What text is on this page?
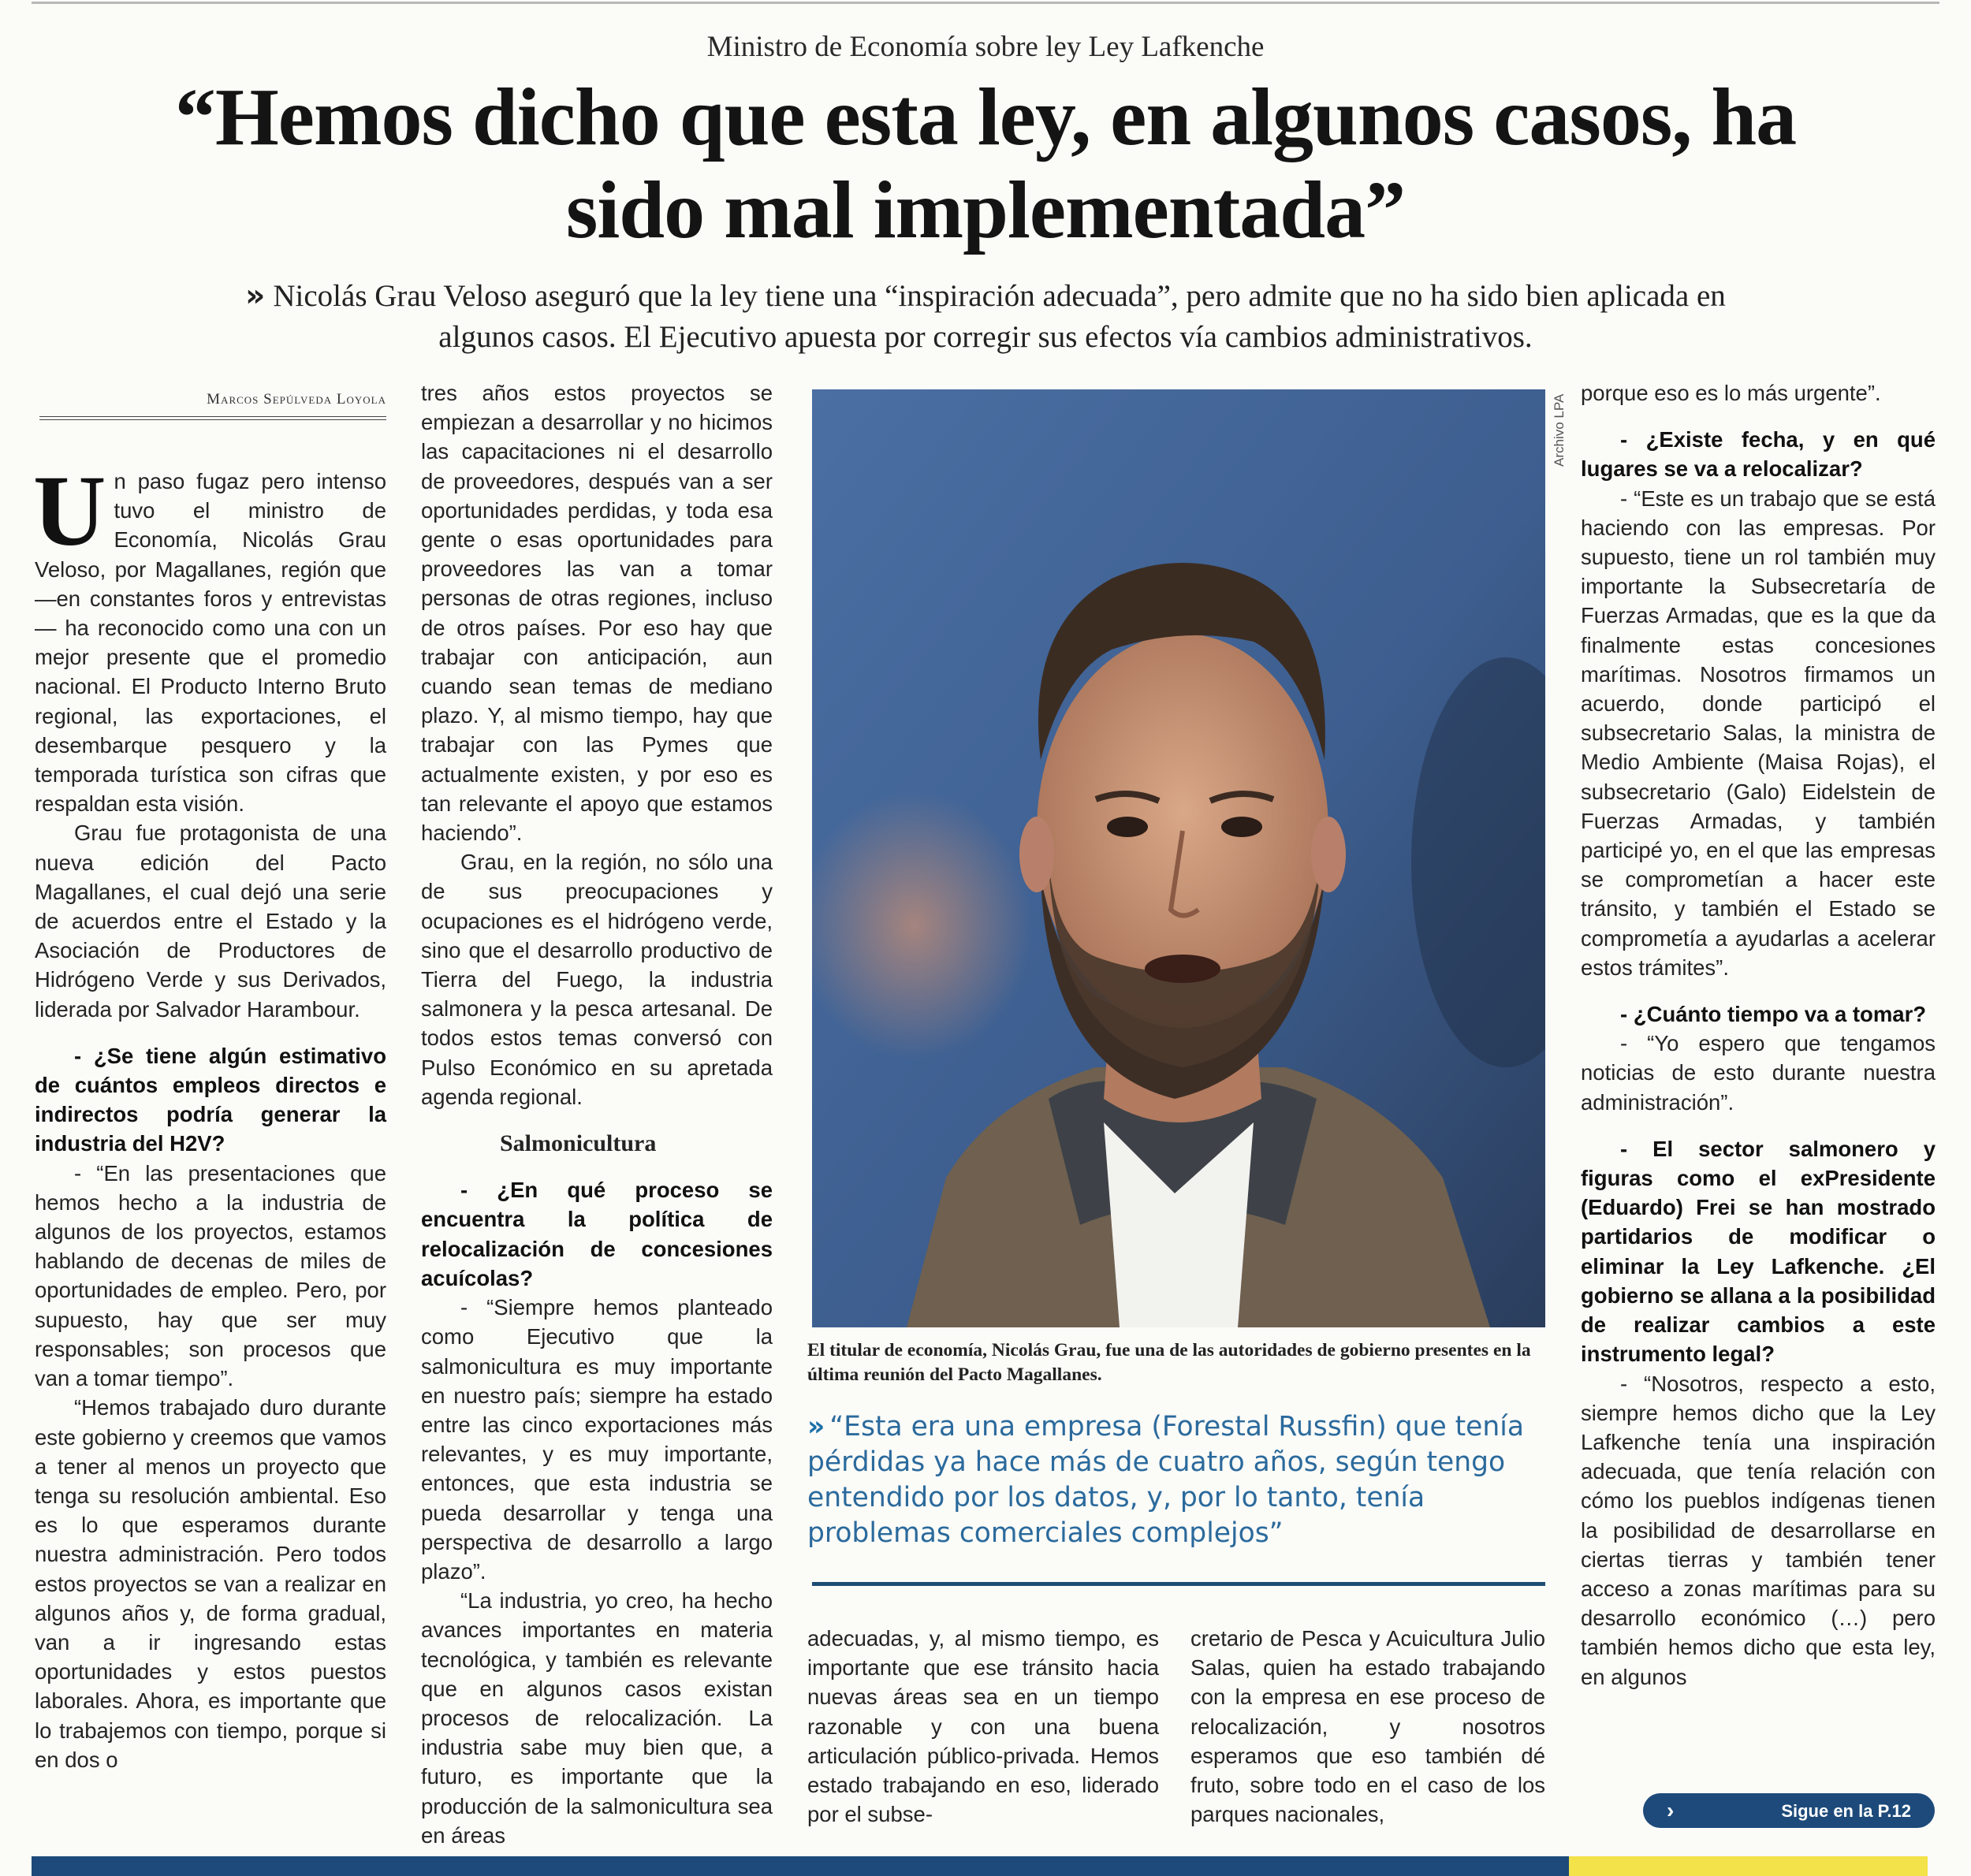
Ministro de Economía sobre ley Ley Lafkenche
“Hemos dicho que esta ley, en algunos casos, ha sido mal implementada”
» Nicolás Grau Veloso aseguró que la ley tiene una “inspiración adecuada”, pero admite que no ha sido bien aplicada en algunos casos. El Ejecutivo apuesta por corregir sus efectos vía cambios administrativos.
Marcos Sepúlveda Loyola

Un paso fugaz pero intenso tuvo el ministro de Economía, Nicolás Grau Veloso, por Magallanes, región que —en constantes foros y entrevistas— ha reconocido como una con un mejor presente que el promedio nacional. El Producto Interno Bruto regional, las exportaciones, el desembarque pesquero y la temporada turística son cifras que respaldan esta visión.

Grau fue protagonista de una nueva edición del Pacto Magallanes, el cual dejó una serie de acuerdos entre el Estado y la Asociación de Productores de Hidrógeno Verde y sus Derivados, liderada por Salvador Harambour.

- ¿Se tiene algún estimativo de cuántos empleos directos e indirectos podría generar la industria del H2V?

- “En las presentaciones que hemos hecho a la industria de algunos de los proyectos, estamos hablando de decenas de miles de oportunidades de empleo. Pero, por supuesto, hay que ser muy responsables; son procesos que van a tomar tiempo”.

“Hemos trabajado duro durante este gobierno y creemos que vamos a tener al menos un proyecto que tenga su resolución ambiental. Eso es lo que esperamos durante nuestra administración. Pero todos estos proyectos se van a realizar en algunos años y, de forma gradual, van a ir ingresando estas oportunidades y estos puestos laborales. Ahora, es importante que lo trabajemos con tiempo, porque si en dos o

tres años estos proyectos se empiezan a desarrollar y no hicimos las capacitaciones ni el desarrollo de proveedores, después van a ser oportunidades perdidas, y toda esa gente o esas oportunidades para proveedores las van a tomar personas de otras regiones, incluso de otros países. Por eso hay que trabajar con anticipación, aun cuando sean temas de mediano plazo. Y, al mismo tiempo, hay que trabajar con las Pymes que actualmente existen, y por eso es tan relevante el apoyo que estamos haciendo”.

Grau, en la región, no sólo una de sus preocupaciones y ocupaciones es el hidrógeno verde, sino que el desarrollo productivo de Tierra del Fuego, la industria salmonera y la pesca artesanal. De todos estos temas conversó con Pulso Económico en su apretada agenda regional.

Salmonicultura

- ¿En qué proceso se encuentra la política de relocalización de concesiones acuícolas?

- “Siempre hemos planteado como Ejecutivo que la salmonicultura es muy importante en nuestro país; siempre ha estado entre las cinco exportaciones más relevantes, y es muy importante, entonces, que esta industria se pueda desarrollar y tenga una perspectiva de desarrollo a largo plazo”.

“La industria, yo creo, ha hecho avances importantes en materia tecnológica, y también es relevante que en algunos casos existan procesos de relocalización. La industria sabe muy bien que, a futuro, es importante que la producción de la salmonicultura sea en áreas

Archivo LPA
El titular de economía, Nicolás Grau, fue una de las autoridades de gobierno presentes en la última reunión del Pacto Magallanes.
» “Esta era una empresa (Forestal Russfin) que tenía pérdidas ya hace más de cuatro años, según tengo entendido por los datos, y, por lo tanto, tenía problemas comerciales complejos”

adecuadas, y, al mismo tiempo, es importante que ese tránsito hacia nuevas áreas sea en un tiempo razonable y con una buena articulación público-privada. Hemos estado trabajando en eso, liderado por el subse-

cretario de Pesca y Acuicultura Julio Salas, quien ha estado trabajando con la empresa en ese proceso de relocalización, y nosotros esperamos que eso también dé fruto, sobre todo en el caso de los parques nacionales,

porque eso es lo más urgente”.

- ¿Existe fecha, y en qué lugares se va a relocalizar?

- “Este es un trabajo que se está haciendo con las empresas. Por supuesto, tiene un rol también muy importante la Subsecretaría de Fuerzas Armadas, que es la que da finalmente estas concesiones marítimas. Nosotros firmamos un acuerdo, donde participó el subsecretario Salas, la ministra de Medio Ambiente (Maisa Rojas), el subsecretario (Galo) Eidelstein de Fuerzas Armadas, y también participé yo, en el que las empresas se comprometían a hacer este tránsito, y también el Estado se comprometía a ayudarlas a acelerar estos trámites”.

- ¿Cuánto tiempo va a tomar?

- “Yo espero que tengamos noticias de esto durante nuestra administración”.

- El sector salmonero y figuras como el exPresidente (Eduardo) Frei se han mostrado partidarios de modificar o eliminar la Ley Lafkenche. ¿El gobierno se allana a la posibilidad de realizar cambios a este instrumento legal?

- “Nosotros, respecto a esto, siempre hemos dicho que la Ley Lafkenche tenía una inspiración adecuada, que tenía relación con cómo los pueblos indígenas tienen la posibilidad de desarrollarse en ciertas tierras y también tener acceso a zonas marítimas para su desarrollo económico (…) pero también hemos dicho que esta ley, en algunos

›	Sigue en la P.12
